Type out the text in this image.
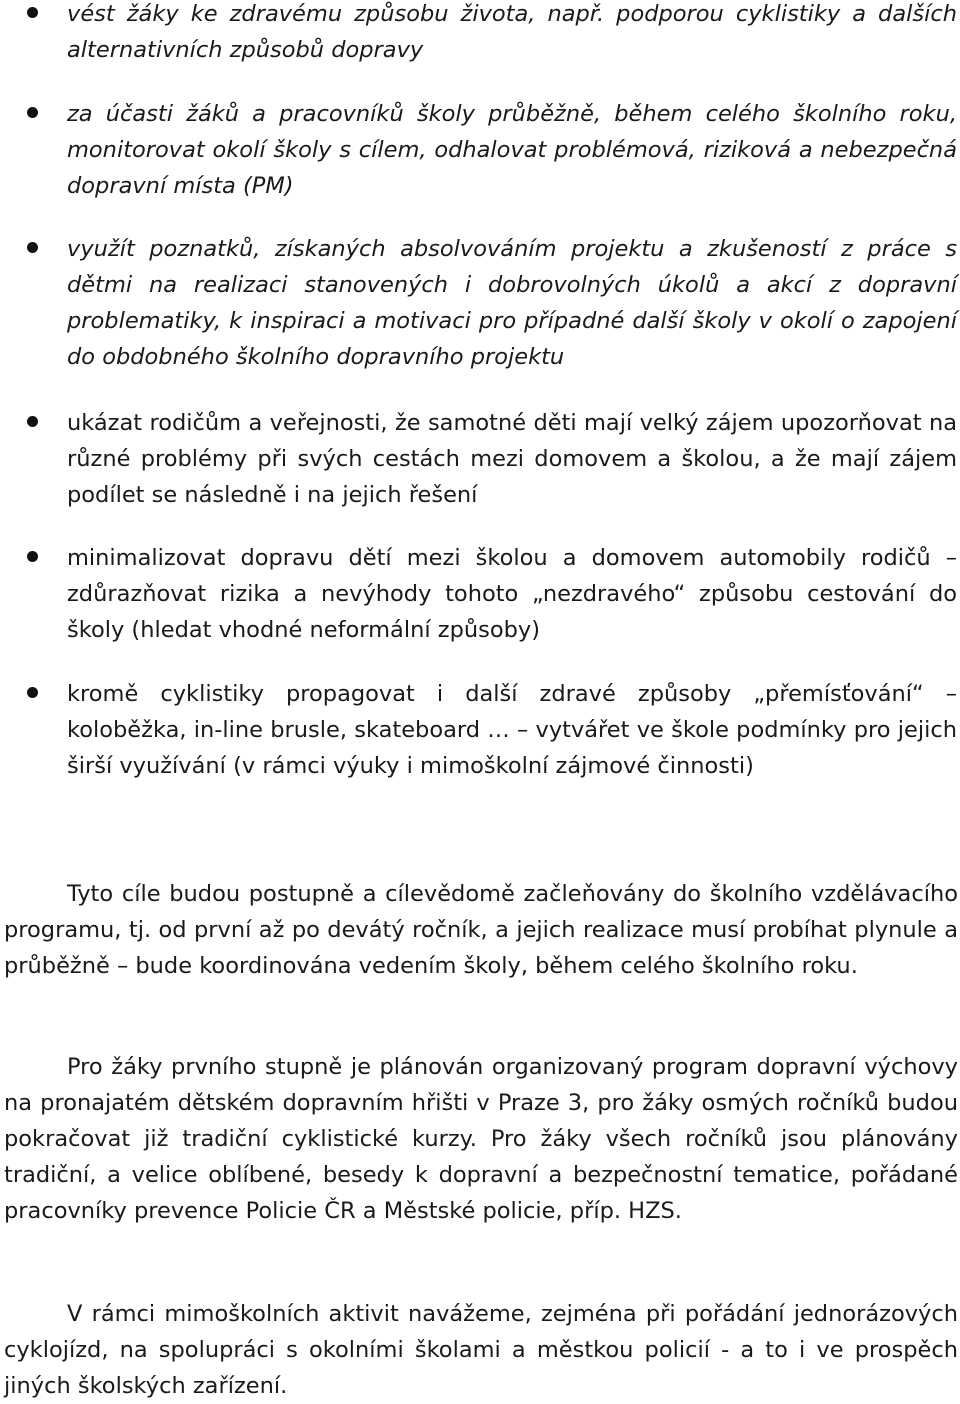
vést žáky ke zdravému způsobu života, např. podporou cyklistiky a dalších alternativních způsobů dopravy
za účasti žáků a pracovníků školy průběžně, během celého školního roku, monitorovat okolí školy s cílem, odhalovat problémová, riziková a nebezpečná dopravní místa (PM)
využít poznatků, získaných absolvováním projektu a zkušeností z práce s dětmi na realizaci stanovených i dobrovolných úkolů a akcí z dopravní problematiky, k inspiraci a motivaci pro případné další školy v okolí o zapojení do obdobného školního dopravního projektu
ukázat rodičům a veřejnosti, že samotné děti mají velký zájem upozorňovat na různé problémy při svých cestách mezi domovem a školou, a že mají zájem podílet se následně i na jejich řešení
minimalizovat dopravu dětí mezi školou a domovem automobily rodičů – zdůrazňovat rizika a nevýhody tohoto „nezdravého“ způsobu cestování do školy (hledat vhodné neformální způsoby)
kromě cyklistiky propagovat i další zdravé způsoby „přemísťování“ – koloběžka, in-line brusle, skateboard … – vytvářet ve škole podmínky pro jejich širší využívání (v rámci výuky i mimoškolní zájmové činnosti)

Tyto cíle budou postupně a cílevědomě začleňovány do školního vzdělávacího programu, tj. od první až po devátý ročník, a jejich realizace musí probíhat plynule a průběžně – bude koordinována vedením školy, během celého školního roku.

Pro žáky prvního stupně je plánován organizovaný program dopravní výchovy na pronajatém dětském dopravním hřišti v Praze 3, pro žáky osmých ročníků budou pokračovat již tradiční cyklistické kurzy. Pro žáky všech ročníků jsou plánovány tradiční, a velice oblíbené, besedy k dopravní a bezpečnostní tematice, pořádané pracovníky prevence Policie ČR a Městské policie, příp. HZS.

V rámci mimoškolních aktivit navážeme, zejména při pořádání jednorázových cyklojízd, na spolupráci s okolními školami a městkou policií - a to i ve prospěch jiných školských zařízení.
